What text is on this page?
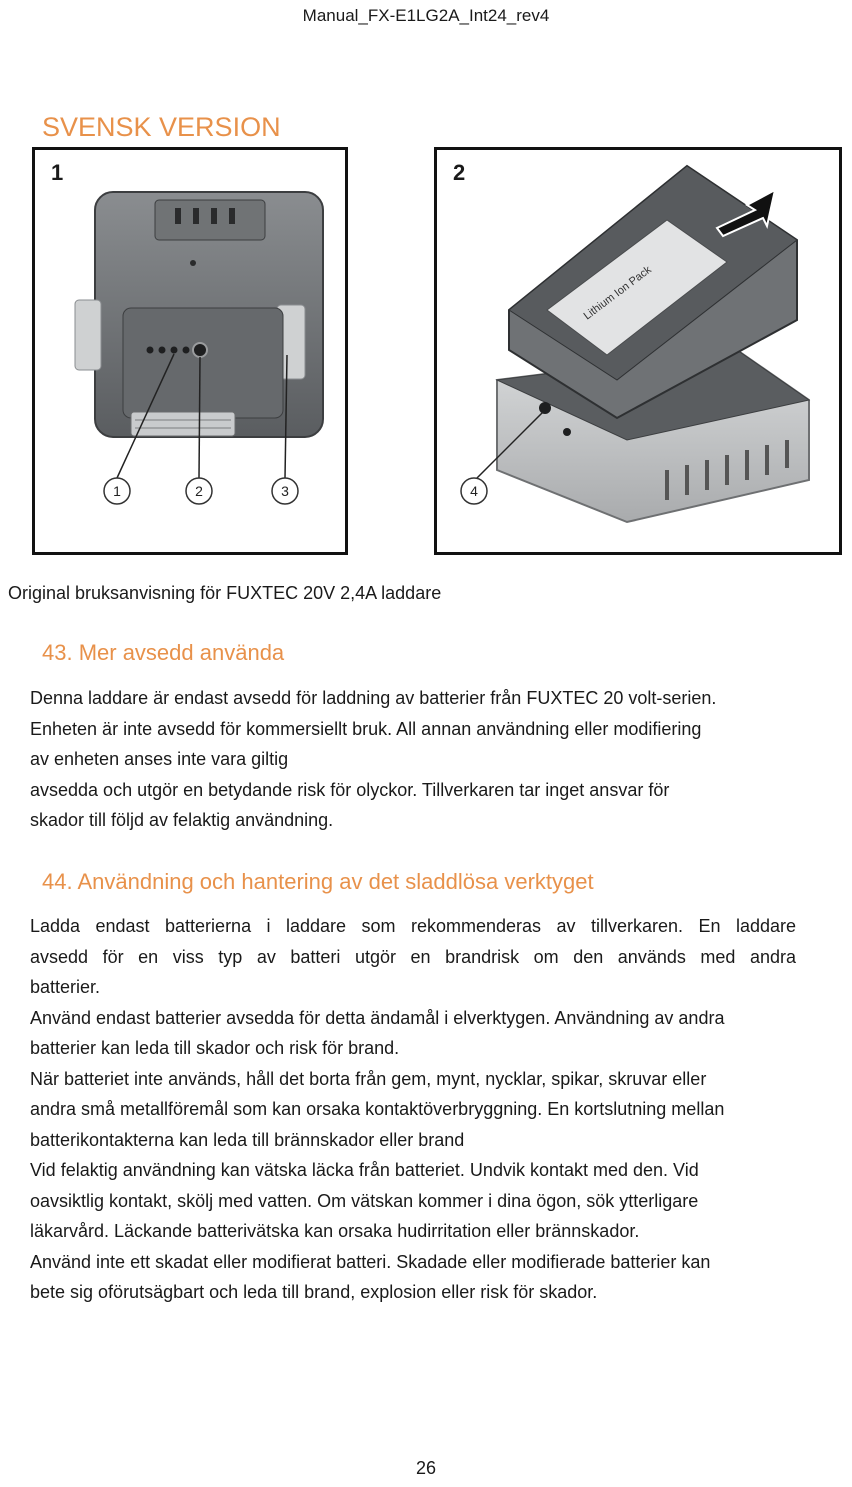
Manual_FX-E1LG2A_Int24_rev4
SVENSK VERSION
1	2	3
1
Lithium Ion Pack
4
2
Original bruksanvisning för FUXTEC 20V 2,4A laddare
43. Mer avsedd använda
Denna laddare är endast avsedd för laddning av batterier från FUXTEC 20 volt-serien.
Enheten är inte avsedd för kommersiellt bruk. All annan användning eller modifiering
av enheten anses inte vara giltig
avsedda och utgör en betydande risk för olyckor. Tillverkaren tar inget ansvar för
skador till följd av felaktig användning.
44. Användning och hantering av det sladdlösa verktyget
Ladda endast batterierna i laddare som rekommenderas av tillverkaren. En laddare
avsedd för en viss typ av batteri utgör en brandrisk om den används med andra
batterier.
Använd endast batterier avsedda för detta ändamål i elverktygen. Användning av andra
batterier kan leda till skador och risk för brand.
När batteriet inte används, håll det borta från gem, mynt, nycklar, spikar, skruvar eller
andra små metallföremål som kan orsaka kontaktöverbryggning. En kortslutning mellan
batterikontakterna kan leda till brännskador eller brand
Vid felaktig användning kan vätska läcka från batteriet. Undvik kontakt med den. Vid
oavsiktlig kontakt, skölj med vatten. Om vätskan kommer i dina ögon, sök ytterligare
läkarvård. Läckande batterivätska kan orsaka hudirritation eller brännskador.
Använd inte ett skadat eller modifierat batteri. Skadade eller modifierade batterier kan
bete sig oförutsägbart och leda till brand, explosion eller risk för skador.
26
